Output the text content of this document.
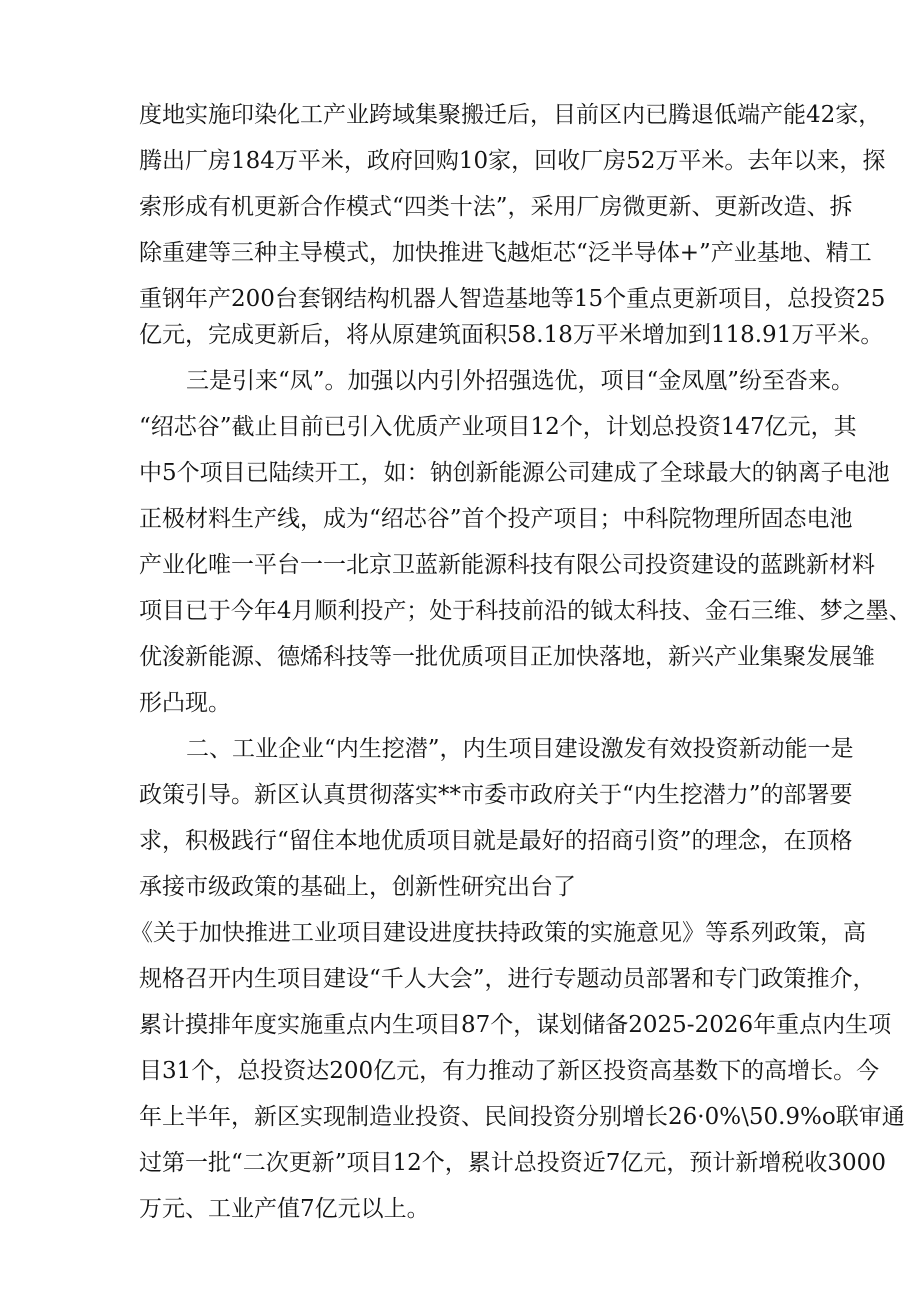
度地实施印染化工产业跨域集聚搬迁后，目前区内已腾退低端产能42家，
腾出厂房184万平米，政府回购10家，回收厂房52万平米。去年以来，探
索形成有机更新合作模式“四类十法”，采用厂房微更新、更新改造、拆
除重建等三种主导模式，加快推进飞越炬芯“泛半导体+”产业基地、精工
重钢年产200台套钢结构机器人智造基地等15个重点更新项目，总投资25
亿元，完成更新后，将从原建筑面积58.18万平米增加到118.91万平米。
三是引来“凤”。加强以内引外招强选优，项目“金凤凰”纷至沓来。
“绍芯谷”截止目前已引入优质产业项目12个，计划总投资147亿元，其
中5个项目已陆续开工，如：钠创新能源公司建成了全球最大的钠离子电池
正极材料生产线，成为“绍芯谷”首个投产项目；中科院物理所固态电池
产业化唯一平台一一北京卫蓝新能源科技有限公司投资建设的蓝跳新材料
项目已于今年4月顺利投产；处于科技前沿的钺太科技、金石三维、梦之墨、
优浚新能源、德烯科技等一批优质项目正加快落地，新兴产业集聚发展雏
形凸现。
二、工业企业“内生挖潜”，内生项目建设激发有效投资新动能一是
政策引导。新区认真贯彻落实**市委市政府关于“内生挖潜力”的部署要
求，积极践行“留住本地优质项目就是最好的招商引资”的理念，在顶格
承接市级政策的基础上，创新性研究出台了
《关于加快推进工业项目建设进度扶持政策的实施意见》等系列政策，高
规格召开内生项目建设“千人大会”，进行专题动员部署和专门政策推介，
累计摸排年度实施重点内生项目87个，谋划储备2025-2026年重点内生项
目31个，总投资达200亿元，有力推动了新区投资高基数下的高增长。今
年上半年，新区实现制造业投资、民间投资分别增长26·0%\50.9%o联审通
过第一批“二次更新”项目12个，累计总投资近7亿元，预计新增税收3000
万元、工业产值7亿元以上。
